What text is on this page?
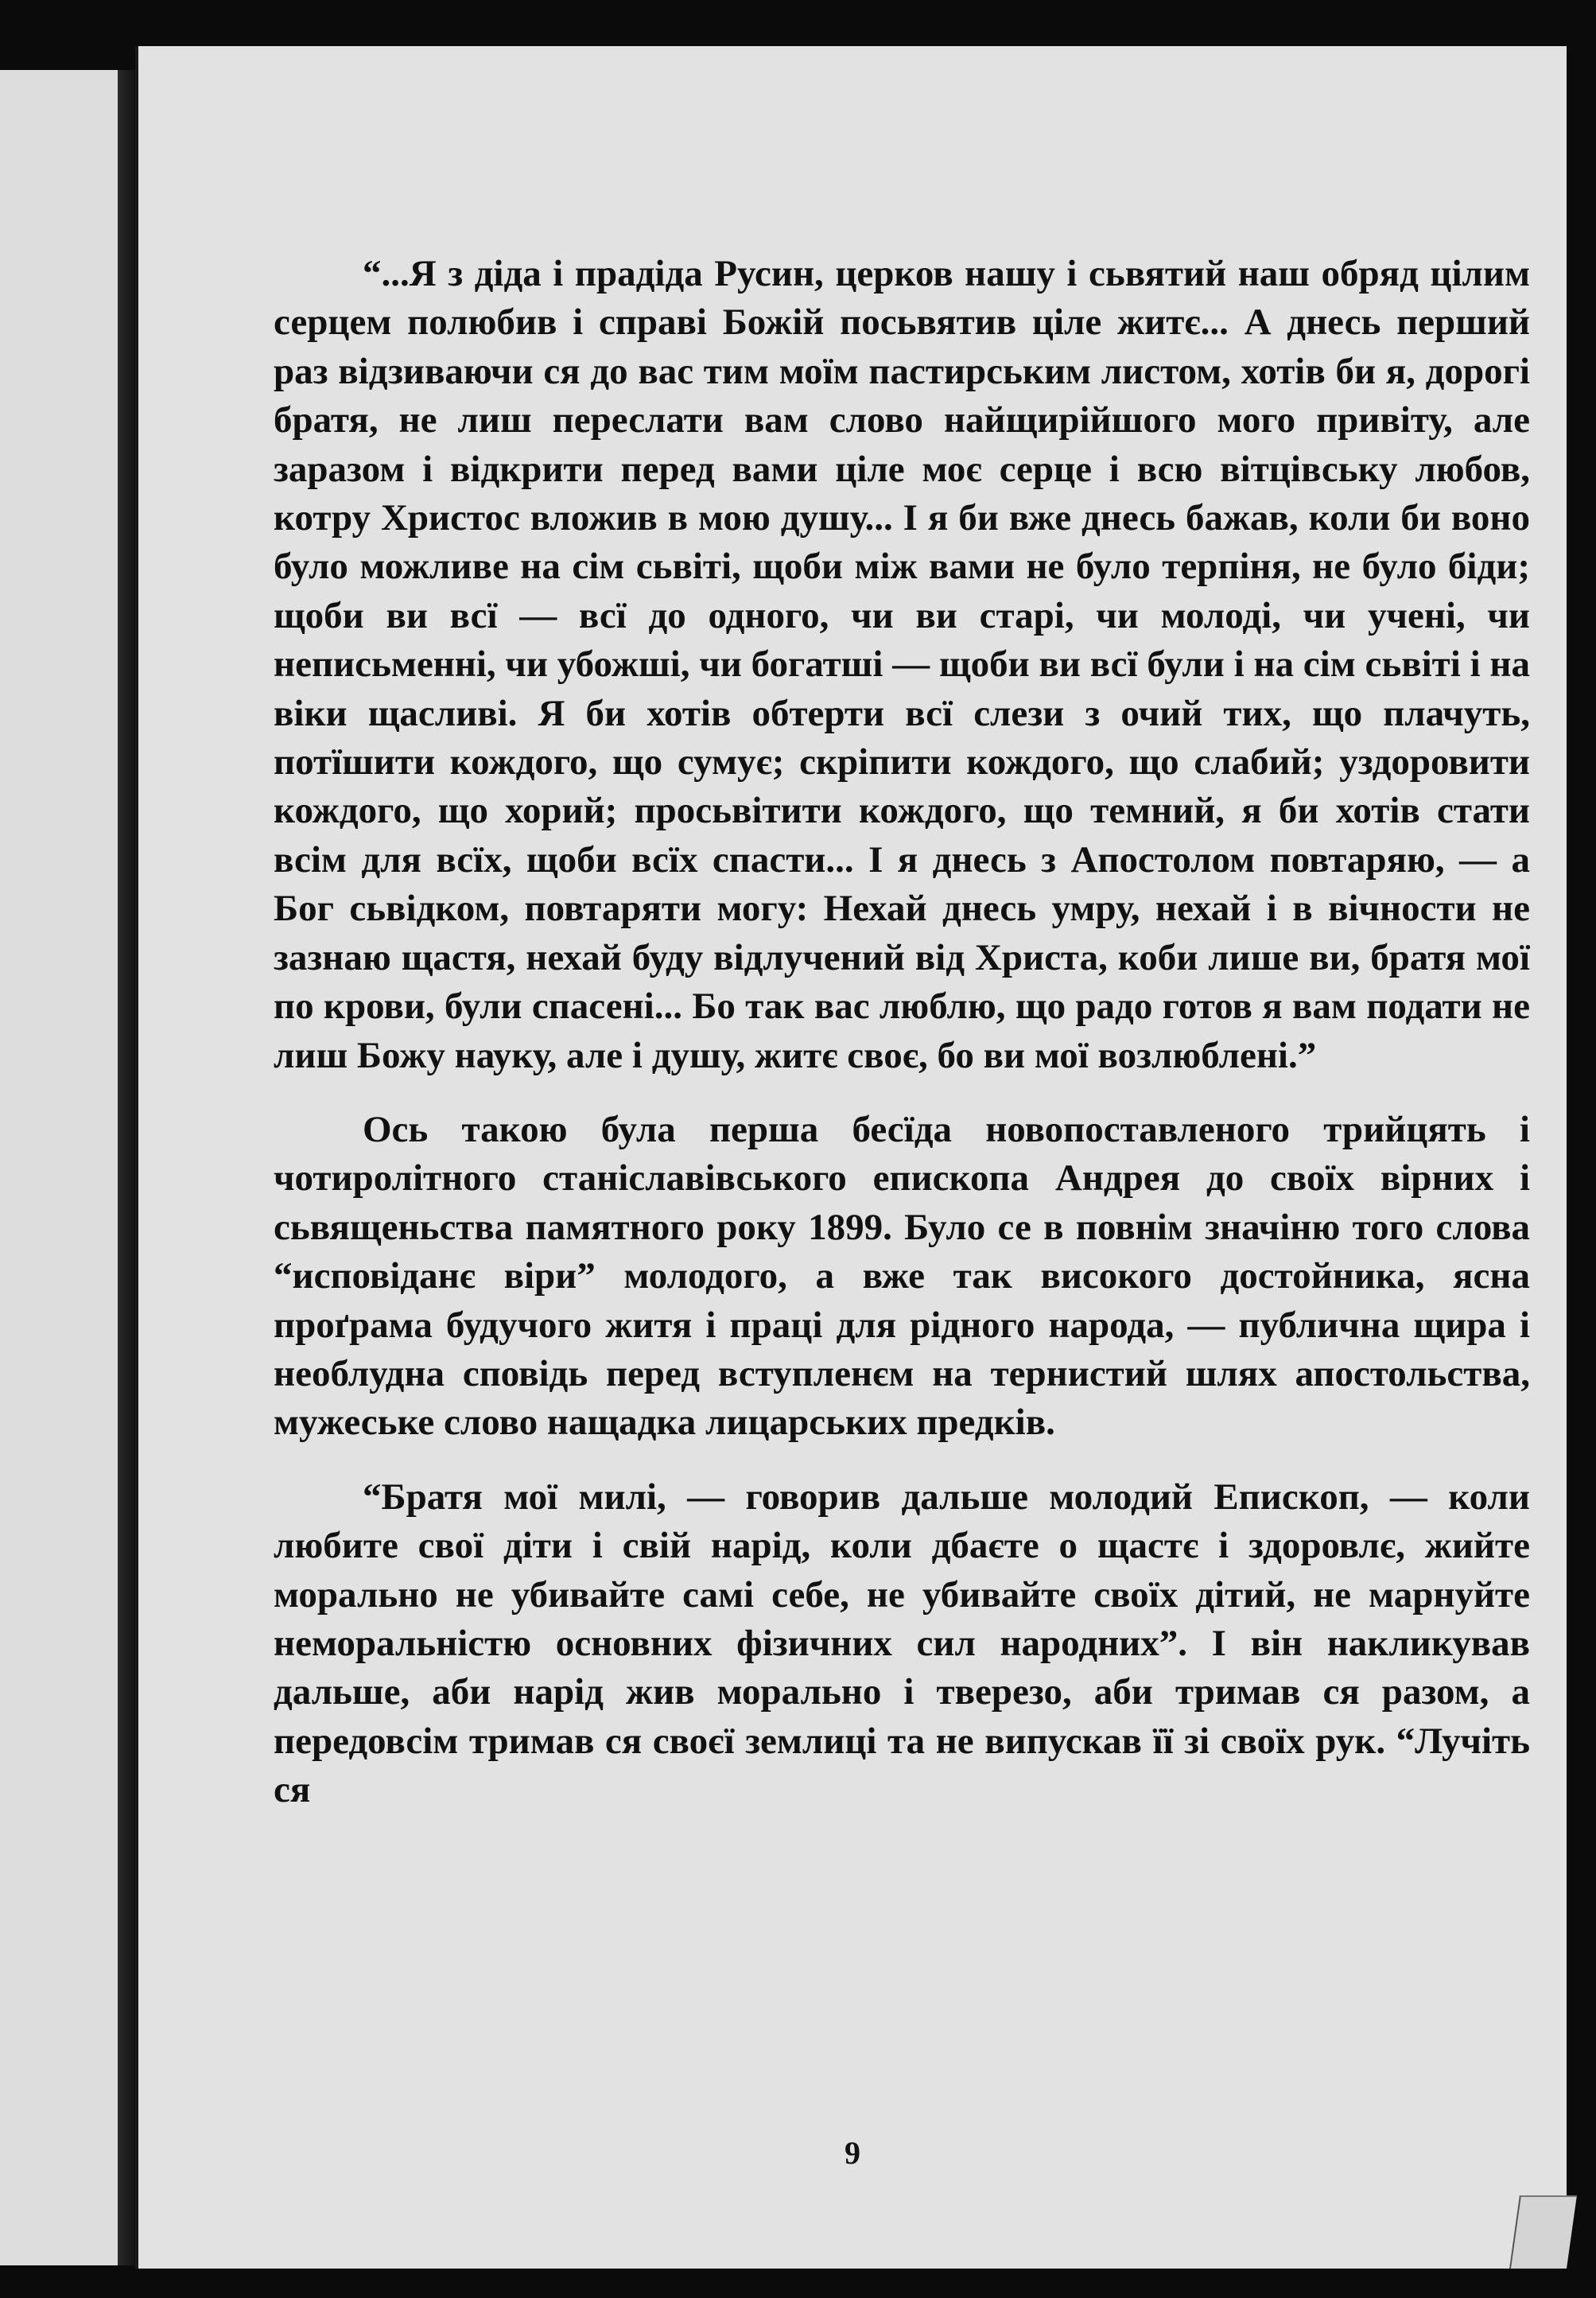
“...Я з діда і прадіда Русин, церков нашу і сьвятий наш обряд цілим серцем полюбив і справі Божій посьвятив ціле житє... А днесь перший раз відзиваючи ся до вас тим моїм пастирським листом, хотів би я, дорогі братя, не лиш переслати вам слово найщирійшого мого привіту, але заразом і відкрити перед вами ціле моє серце і всю вітцівську любов, котру Христос вложив в мою душу... І я би вже днесь бажав, коли би воно було можливе на сім сьвіті, щоби між вами не було терпіня, не було біди; щоби ви всї — всї до одного, чи ви старі, чи молоді, чи учені, чи неписьменні, чи убожші, чи богатші — щоби ви всї були і на сім сьвіті і на віки щасливі. Я би хотів обтерти всї слези з очий тих, що плачуть, потїшити кождого, що сумує; скріпити кождого, що слабий; уздоровити кождого, що хорий; просьвітити кождого, що темний, я би хотів стати всім для всїх, щоби всїх спасти... І я днесь з Апостолом повтаряю, — а Бог сьвідком, повтаряти могу: Нехай днесь умру, нехай і в вічности не зазнаю щастя, нехай буду відлучений від Христа, коби лише ви, братя мої по крови, були спасені... Бо так вас люблю, що радо готов я вам подати не лиш Божу науку, але і душу, житє своє, бо ви мої возлюблені.”

Ось такою була перша бесїда новопоставленого трийцять і чотиролітного станіславівського епископа Андрея до своїх вірних і сьвященьства памятного року 1899. Було се в повнім значіню того слова “исповіданє віри” молодого, а вже так високого достойника, ясна проґрама будучого житя і праці для рідного народа, — публична щира і необлудна сповідь перед вступленєм на тернистий шлях апостольства, мужеське слово нащадка лицарських предків.

“Братя мої милі, — говорив дальше молодий Епископ, — коли любите свої діти і свій нарід, коли дбаєте о щастє і здоровлє, жийте морально не убивайте самі себе, не убивайте своїх дітий, не марнуйте неморальністю основних фізичних сил народних”. І він накликував дальше, аби нарід жив морально і тверезо, аби тримав ся разом, а передовсім тримав ся своєї землиці та не випускав її зі своїх рук. “Лучіть ся

9
